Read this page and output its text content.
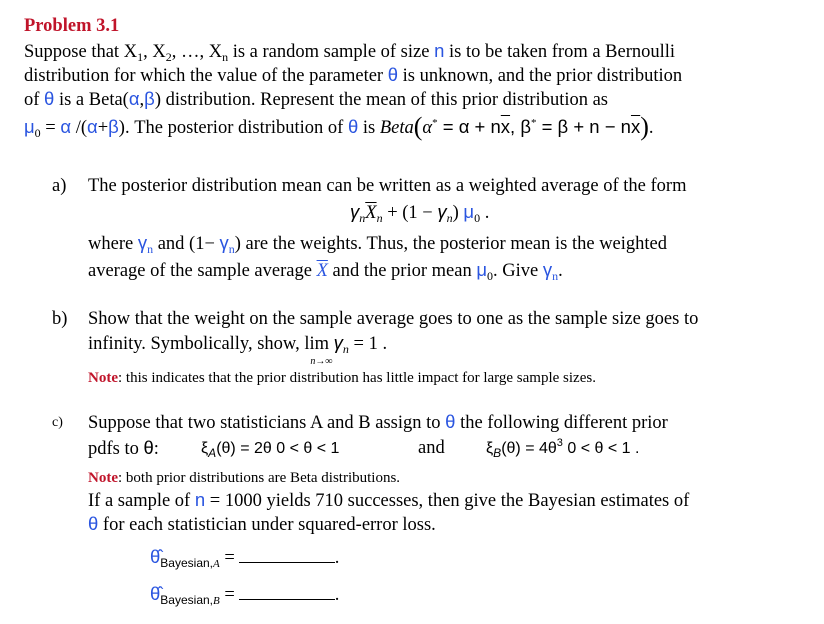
Problem 3.1
Suppose that $X_1$, $X_2$, …, $X_n$ is a random sample of size n is to be taken from a Bernoulli
distribution for which the value of the parameter θ is unknown, and the prior distribution
of θ is a Beta(α,β) distribution. Represent the mean of this prior distribution as
$\mu_0 = \alpha$ /(α+β). The posterior distribution of θ is Beta(α* = $\alpha + n\overline{x}$, $\beta^* = \beta + n - n\overline{x}$).
a) The posterior distribution mean can be written as a weighted average of the form
$\gamma_n\overline{X}_n + (1 - \gamma_n)$ $\mu_0$ .
where $\gamma_n$ and $(1- \gamma_n)$ are the weights. Thus, the posterior mean is the weighted
average of the sample average $\overline{X}$ and the prior mean $\mu_0$. Give $\gamma_n$.
b) Show that the weight on the sample average goes to one as the sample size goes to
infinity. Symbolically, show, lim
n→∞
$\gamma_n = 1$ .
Note: this indicates that the prior distribution has little impact for large sample sizes.
c) Suppose that two statisticians A and B assign to θ the following different prior
pdfs to θ:	$\xi_A(\theta) = 2\theta$ 0 < θ < 1	and	$\xi_B(\theta) = 4\theta^3$ 0 < θ < 1 .
Note: both prior distributions are Beta distributions.
If a sample of n = 1000 yields 710 successes, then give the Bayesian estimates of
θ for each statistician under squared-error loss.
$\thetâ_{Bayesian,A}$ =	.
$\thetâ_{Bayesian,B}$ =	.
